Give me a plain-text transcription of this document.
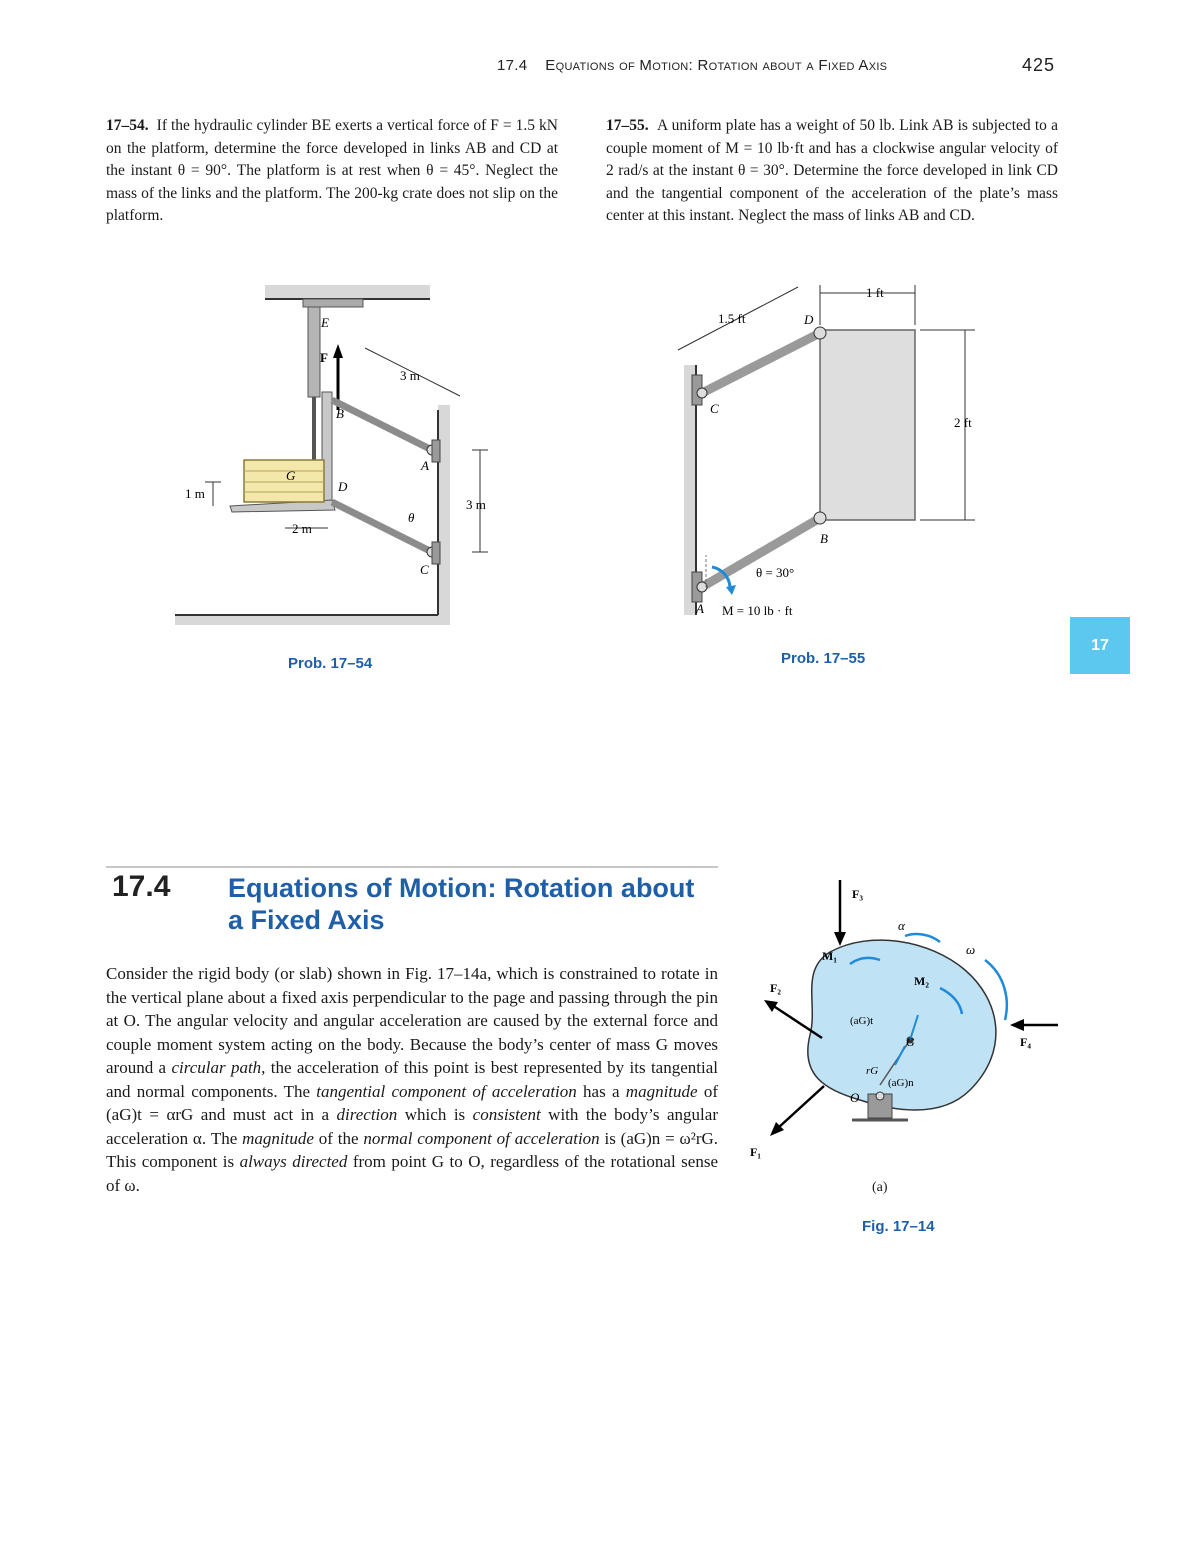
17.4 Equations of Motion: Rotation about a Fixed Axis	425
17–54. If the hydraulic cylinder BE exerts a vertical force of F = 1.5 kN on the platform, determine the force developed in links AB and CD at the instant θ = 90°. The platform is at rest when θ = 45°. Neglect the mass of the links and the platform. The 200-kg crate does not slip on the platform.
17–55. A uniform plate has a weight of 50 lb. Link AB is subjected to a couple moment of M = 10 lb·ft and has a clockwise angular velocity of 2 rad/s at the instant θ = 30°. Determine the force developed in link CD and the tangential component of the acceleration of the plate’s mass center at this instant. Neglect the mass of links AB and CD.
E
F
3 m
B
A
G
D
1 m
3 m
2 m
θ
C
Prob. 17–54
1 ft
1.5 ft	D
C
2 ft
B
θ = 30°
A M = 10 lb · ft
Prob. 17–55
17
17.4 Equations of Motion: Rotation about a Fixed Axis
Consider the rigid body (or slab) shown in Fig. 17–14a, which is constrained to rotate in the vertical plane about a fixed axis perpendicular to the page and passing through the pin at O. The angular velocity and angular acceleration are caused by the external force and couple moment system acting on the body. Because the body’s center of mass G moves around a circular path, the acceleration of this point is best represented by its tangential and normal components. The tangential component of acceleration has a magnitude of (aG)t = αrG and must act in a direction which is consistent with the body’s angular acceleration α. The magnitude of the normal component of acceleration is (aG)n = ω²rG. This component is always directed from point G to O, regardless of the rotational sense of ω.
F₃
α
ω
M₁
M₂
F₂
(aG)t
G	F₄
rG
(aG)n
O
F₁
(a)
Fig. 17–14
